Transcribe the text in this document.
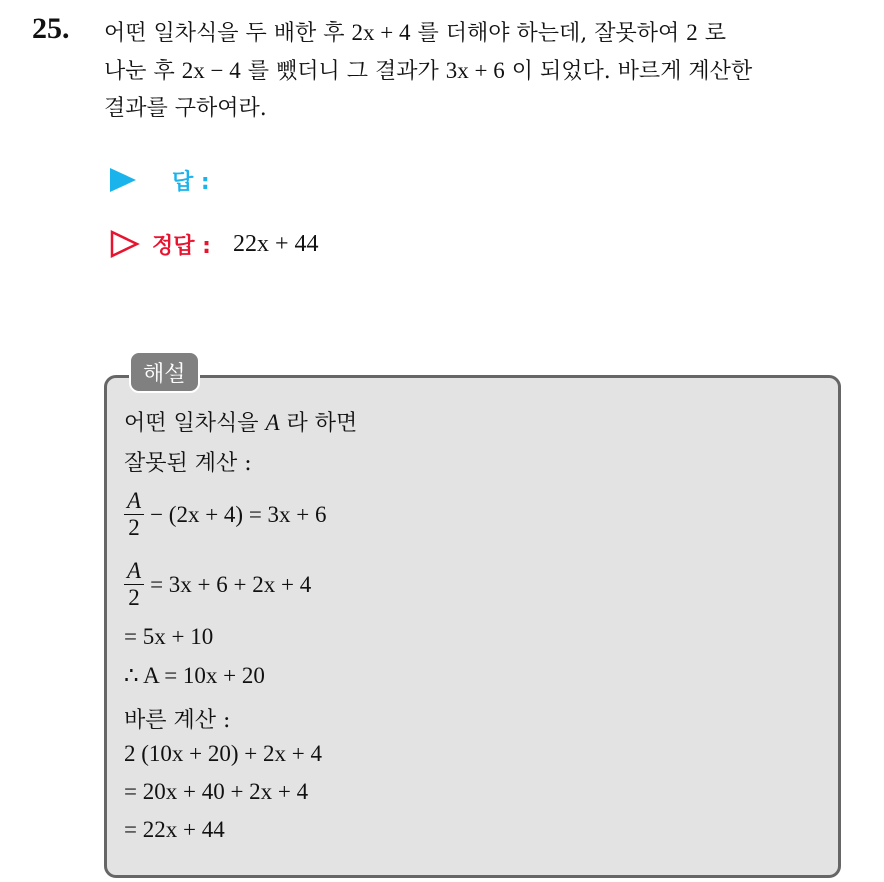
25. 어떤 일차식을 두 배한 후 2x + 4 를 더해야 하는데, 잘못하여 2 로

나눈 후 2x − 4 를 뺐더니 그 결과가 3x + 6 이 되었다. 바르게 계산한

결과를 구하여라.

답 :
정답 : 22x + 44
해설
어떤 일차식을 A 라 하면
잘못된 계산 :
$\frac{A}{2} - (2x + 4) = 3x + 6$
$\frac{A}{2} = 3x + 6 + 2x + 4$
= 5x + 10
∴ A = 10x + 20
바른 계산 :
2 (10x + 20) + 2x + 4
= 20x + 40 + 2x + 4
= 22x + 44
